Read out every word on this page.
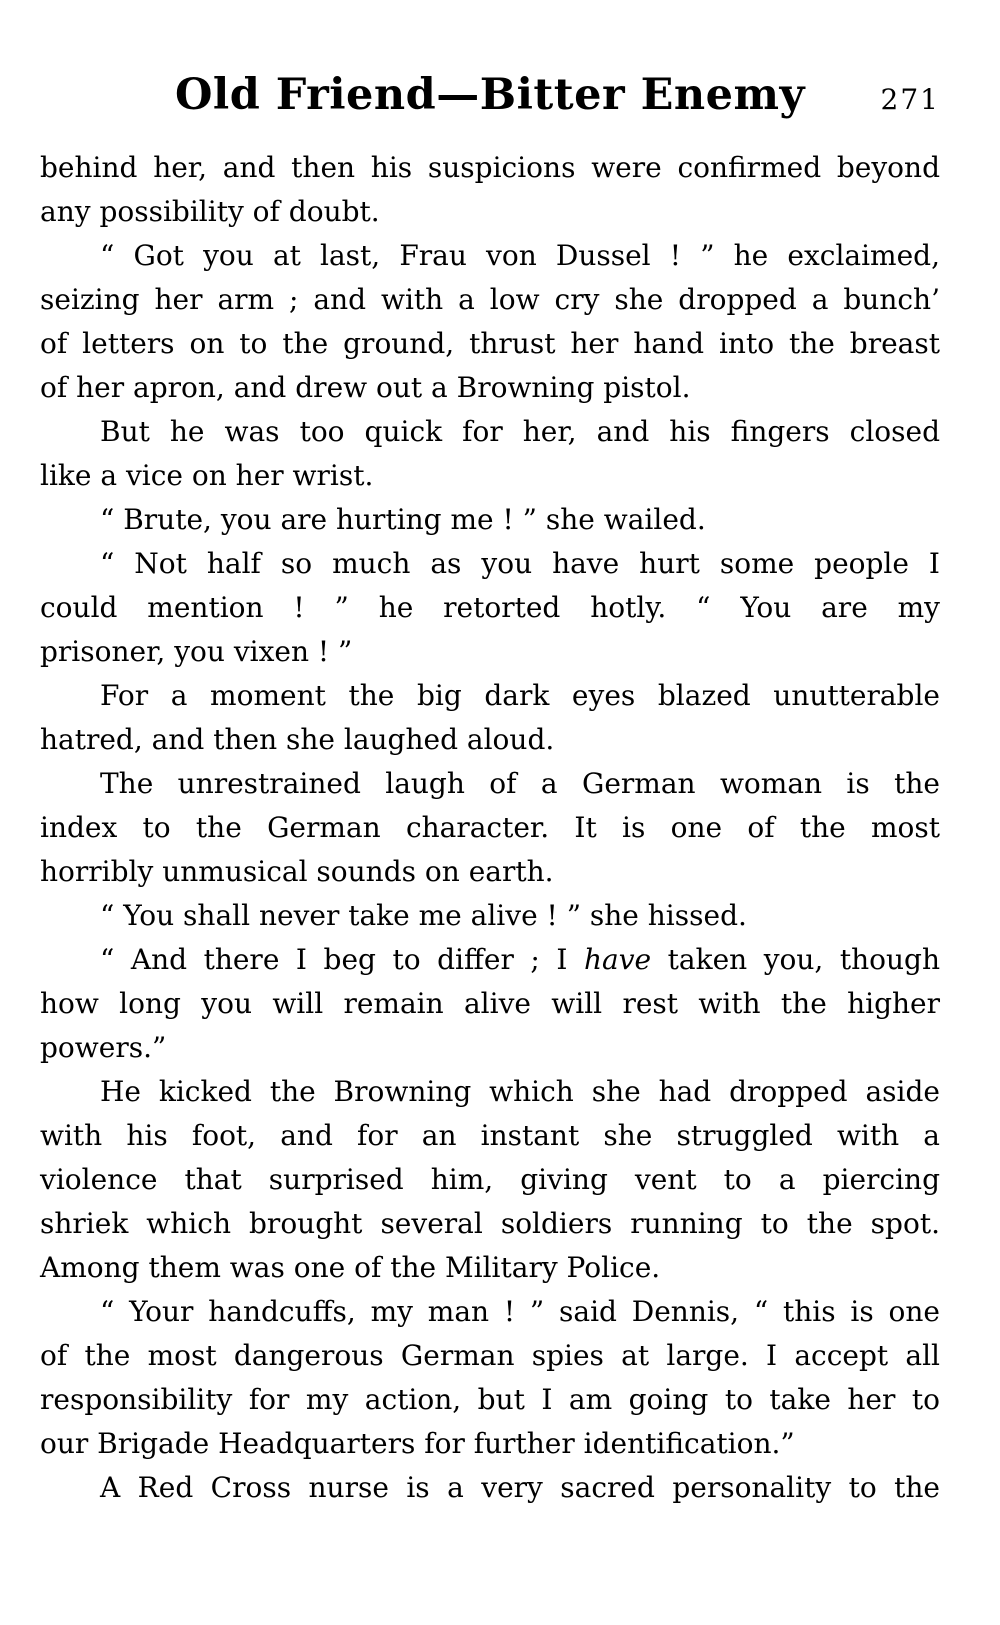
Old Friend—Bitter Enemy	271

behind her, and then his suspicions were confirmed beyond
any possibility of doubt.

“ Got you at last, Frau von Dussel ! ” he exclaimed,
seizing her arm ; and with a low cry she dropped a bunch’
of letters on to the ground, thrust her hand into the breast
of her apron, and drew out a Browning pistol.

But he was too quick for her, and his fingers closed
like a vice on her wrist.

“ Brute, you are hurting me ! ” she wailed.

“ Not half so much as you have hurt some people I
could mention ! ” he retorted hotly. “ You are my
prisoner, you vixen ! ”

For a moment the big dark eyes blazed unutterable
hatred, and then she laughed aloud.

The unrestrained laugh of a German woman is the
index to the German character. It is one of the most
horribly unmusical sounds on earth.

“ You shall never take me alive ! ” she hissed.

“ And there I beg to differ ; I have taken you, though
how long you will remain alive will rest with the higher
powers.”

He kicked the Browning which she had dropped aside
with his foot, and for an instant she struggled with a
violence that surprised him, giving vent to a piercing
shriek which brought several soldiers running to the spot.
Among them was one of the Military Police.

“ Your handcuffs, my man ! ” said Dennis, “ this is one
of the most dangerous German spies at large. I accept all
responsibility for my action, but I am going to take her to
our Brigade Headquarters for further identification.”

A Red Cross nurse is a very sacred personality to the
